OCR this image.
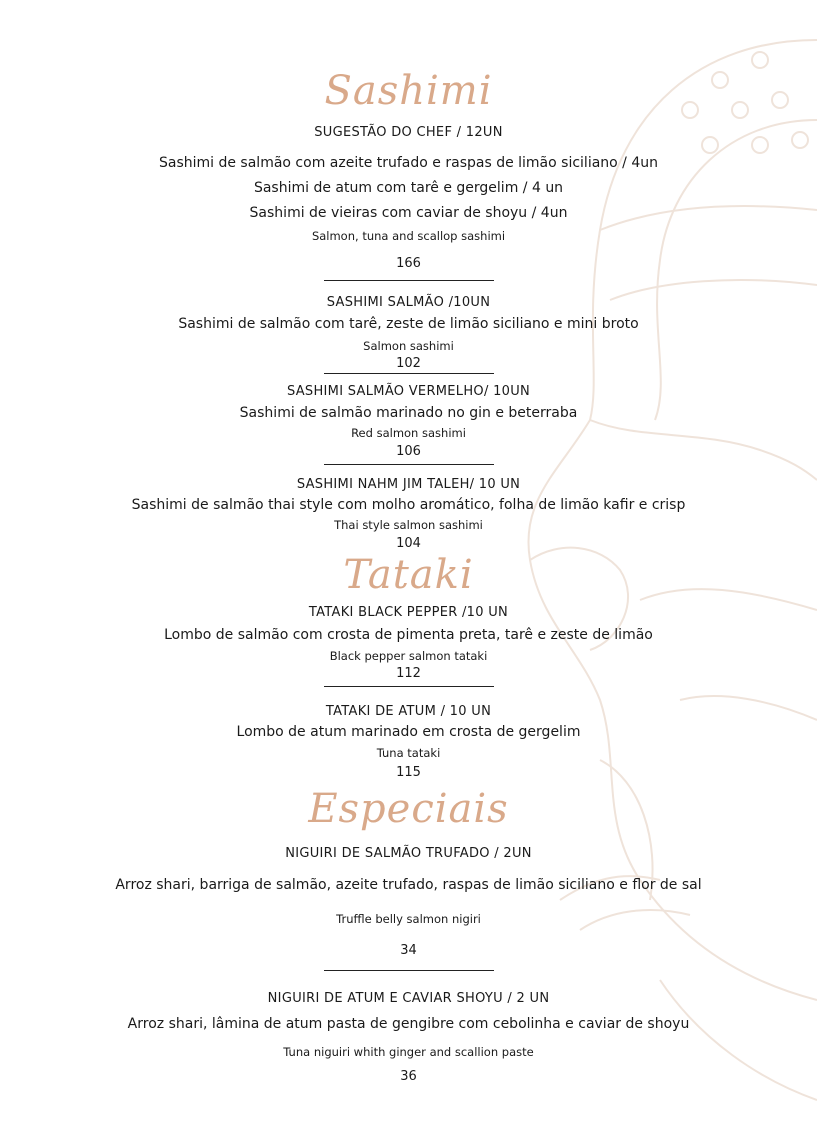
Sashimi
SUGESTÃO DO CHEF / 12UN
Sashimi de salmão com azeite trufado e raspas de limão siciliano / 4un
Sashimi de atum com tarê e gergelim / 4 un
Sashimi de vieiras com caviar de shoyu / 4un
Salmon, tuna and scallop sashimi
166
SASHIMI SALMÃO /10UN
Sashimi de salmão com tarê, zeste de limão siciliano e mini broto
Salmon sashimi
102
SASHIMI SALMÃO VERMELHO/ 10UN
Sashimi de salmão marinado no gin e beterraba
Red salmon sashimi
106
SASHIMI NAHM JIM TALEH/ 10 UN
Sashimi de salmão thai style com molho aromático, folha de limão kafir e crisp
Thai style salmon sashimi
104
Tataki
TATAKI BLACK PEPPER /10 UN
Lombo de salmão com crosta de pimenta preta, tarê e zeste de limão
Black pepper salmon tataki
112
TATAKI DE ATUM / 10 UN
Lombo de atum marinado em crosta de gergelim
Tuna tataki
115
Especiais
NIGUIRI DE SALMÃO TRUFADO / 2UN
Arroz shari, barriga de salmão, azeite trufado, raspas de limão siciliano e flor de sal
Truffle belly salmon nigiri
34
NIGUIRI DE ATUM E CAVIAR SHOYU / 2 UN
Arroz shari, lâmina de atum pasta de gengibre com cebolinha e caviar de shoyu
Tuna niguiri whith ginger and scallion paste
36
